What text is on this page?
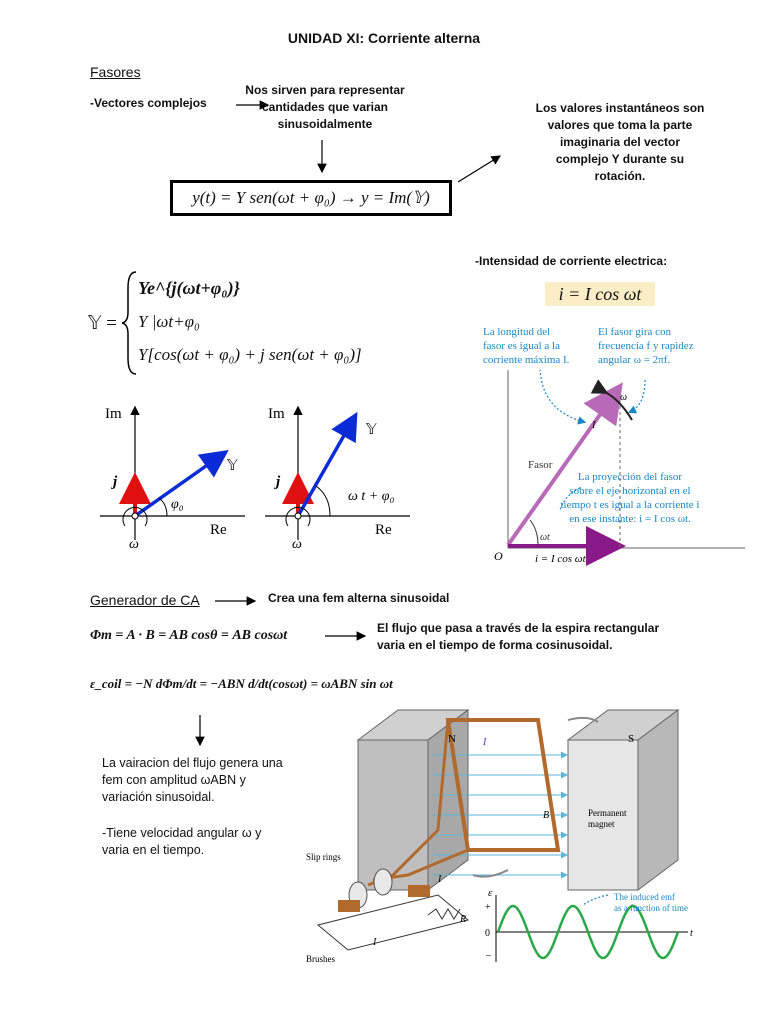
UNIDAD XI: Corriente alterna
Fasores
-Vectores complejos
Nos sirven para representar
cantidades que varian
sinusoidalmente
Los valores instantáneos son
valores que toma la parte
imaginaria del vector
complejo Y durante su
rotación.
y(t) = Y sen(ωt + φ₀) → y = Im(𝕐)
𝕐 =
Ye^{j(ωt+φ₀)}
Y |ωt+φ₀
Y[cos(ωt + φ₀) + j sen(ωt + φ₀)]
Im
Re
𝕐
j
φ₀
ω
Im
Re
𝕐
j
ω t + φ₀
ω
-Intensidad de corriente electrica:
i = I cos ωt
La longitud del
fasor es igual a la
corriente máxima I.
El fasor gira con
frecuencia f y rapidez
angular ω = 2πf.
La proyección del fasor
sobre el eje horizontal en el
tiempo t es igual a la corriente i
en ese instante: i = I cos ωt.
Fasor
ωt
O
I
ω
i = I cos ωt
Generador de CA	Crea una fem alterna sinusoidal
Φm = A · B = AB cosθ = AB cosωt	El flujo que pasa a través de la espira rectangular
varia en el tiempo de forma cosinusoidal.
ε_coil = −N dΦm/dt = −ABN d/dt(cosωt) = ωABN sin ωt
La vairacion del flujo genera una
fem con amplitud ωABN y
variación sinusoidal.
-Tiene velocidad angular ω y
varia en el tiempo.
N	S
Permanent
magnet
Slip rings
Brushes
R
The induced emf
as a function of time
ε
+
0
–
t
I
B
I
I
